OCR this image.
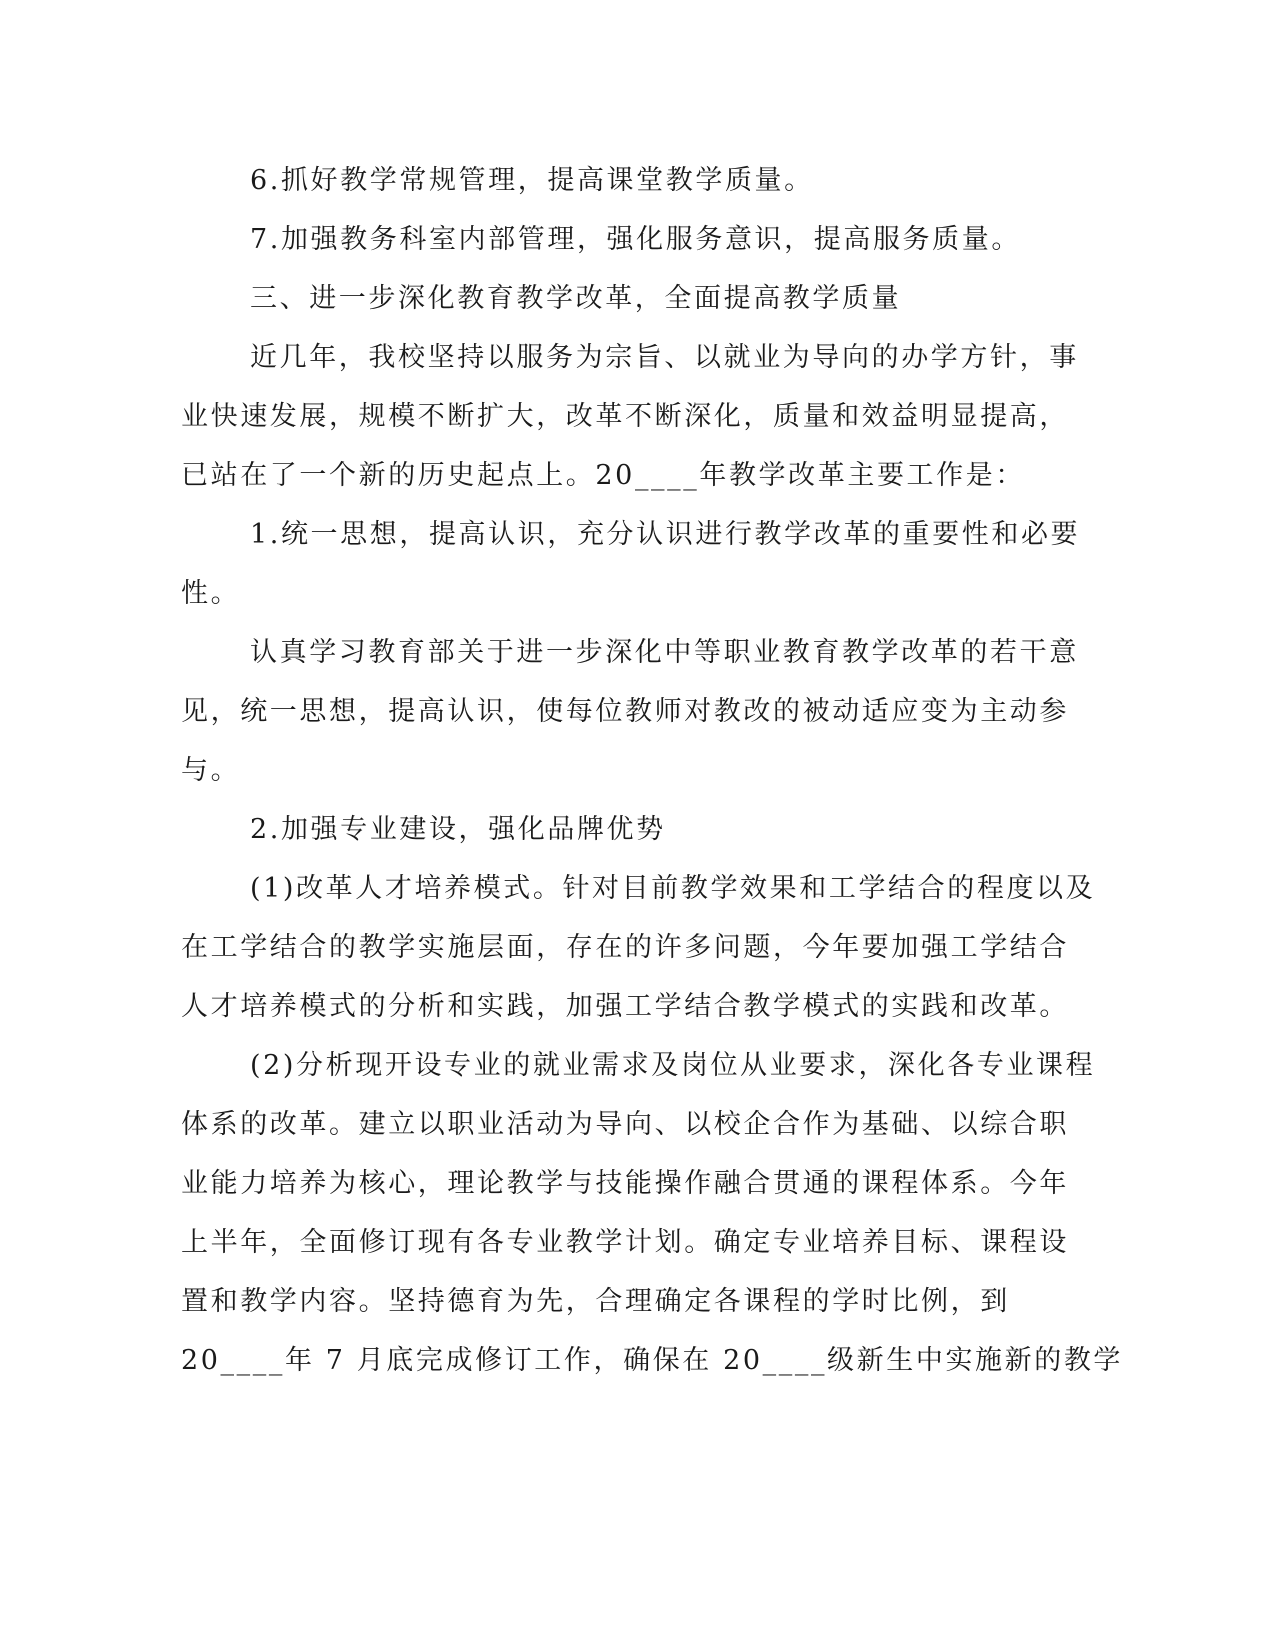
6.抓好教学常规管理，提高课堂教学质量。
7.加强教务科室内部管理，强化服务意识，提高服务质量。
三、进一步深化教育教学改革，全面提高教学质量
近几年，我校坚持以服务为宗旨、以就业为导向的办学方针，事
业快速发展，规模不断扩大，改革不断深化，质量和效益明显提高，
已站在了一个新的历史起点上。20____年教学改革主要工作是：
1.统一思想，提高认识，充分认识进行教学改革的重要性和必要
性。
认真学习教育部关于进一步深化中等职业教育教学改革的若干意
见，统一思想，提高认识，使每位教师对教改的被动适应变为主动参
与。
2.加强专业建设，强化品牌优势
(1)改革人才培养模式。针对目前教学效果和工学结合的程度以及
在工学结合的教学实施层面，存在的许多问题，今年要加强工学结合
人才培养模式的分析和实践，加强工学结合教学模式的实践和改革。
(2)分析现开设专业的就业需求及岗位从业要求，深化各专业课程
体系的改革。建立以职业活动为导向、以校企合作为基础、以综合职
业能力培养为核心，理论教学与技能操作融合贯通的课程体系。今年
上半年，全面修订现有各专业教学计划。确定专业培养目标、课程设
置和教学内容。坚持德育为先，合理确定各课程的学时比例，到
20____年 7 月底完成修订工作，确保在 20____级新生中实施新的教学
